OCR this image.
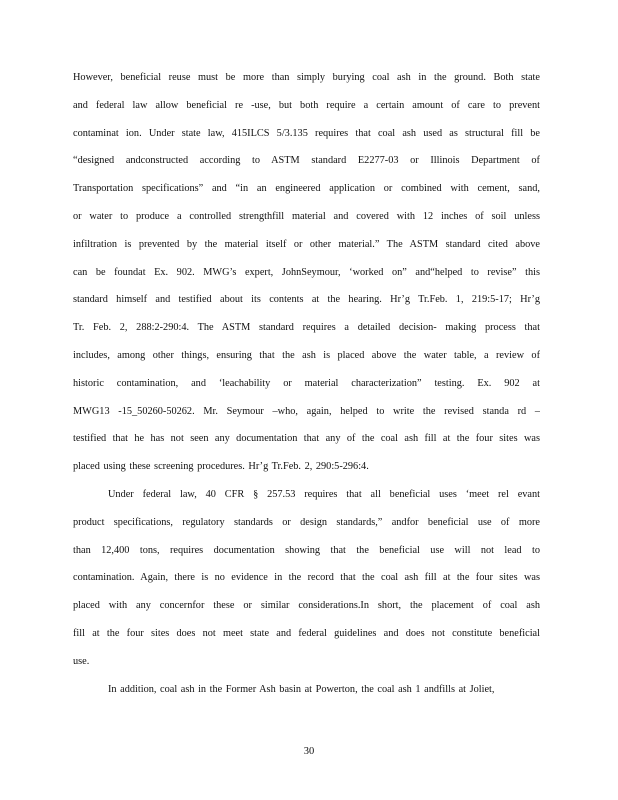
However, beneficial reuse must be more than simply burying coal ash in the ground. Both state
and federal law allow beneficial re -use, but both require a certain amount of care to prevent
contaminat ion. Under state law, 415ILCS 5/3.135 requires that coal ash used as structural fill be
“designed andconstructed according to ASTM standard E2277-03 or Illinois Department of
Transportation specifications” and “in an engineered application or combined with cement, sand,
or water to produce a controlled strengthfill material and covered with 12 inches of soil unless
infiltration is prevented by the material itself or other material.” The ASTM standard cited above
can be foundat Ex. 902. MWG’s expert, JohnSeymour, ‘worked on” and“helped to revise” this
standard himself and testified about its contents at the hearing. Hr’g Tr.Feb. 1, 219:5-17; Hr’g
Tr. Feb. 2, 288:2-290:4. The ASTM standard requires a detailed decision- making process that
includes, among other things, ensuring that the ash is placed above the water table, a review of
historic contamination, and ‘leachability or material characterization” testing. Ex. 902 at
MWG13 -15_50260-50262. Mr. Seymour –who, again, helped to write the revised standa rd –
testified that he has not seen any documentation that any of the coal ash fill at the four sites was
placed using these screening procedures. Hr’g Tr.Feb. 2, 290:5-296:4.
Under federal law, 40 CFR § 257.53 requires that all beneficial uses ‘meet rel evant
product specifications, regulatory standards or design standards,” andfor beneficial use of more
than 12,400 tons, requires documentation showing that the beneficial use will not lead to
contamination. Again, there is no evidence in the record that the coal ash fill at the four sites was
placed with any concernfor these or similar considerations.In short, the placement of coal ash
fill at the four sites does not meet state and federal guidelines and does not constitute beneficial
use.
In addition, coal ash in the Former Ash basin at Powerton, the coal ash 1 andfills at Joliet,
30
